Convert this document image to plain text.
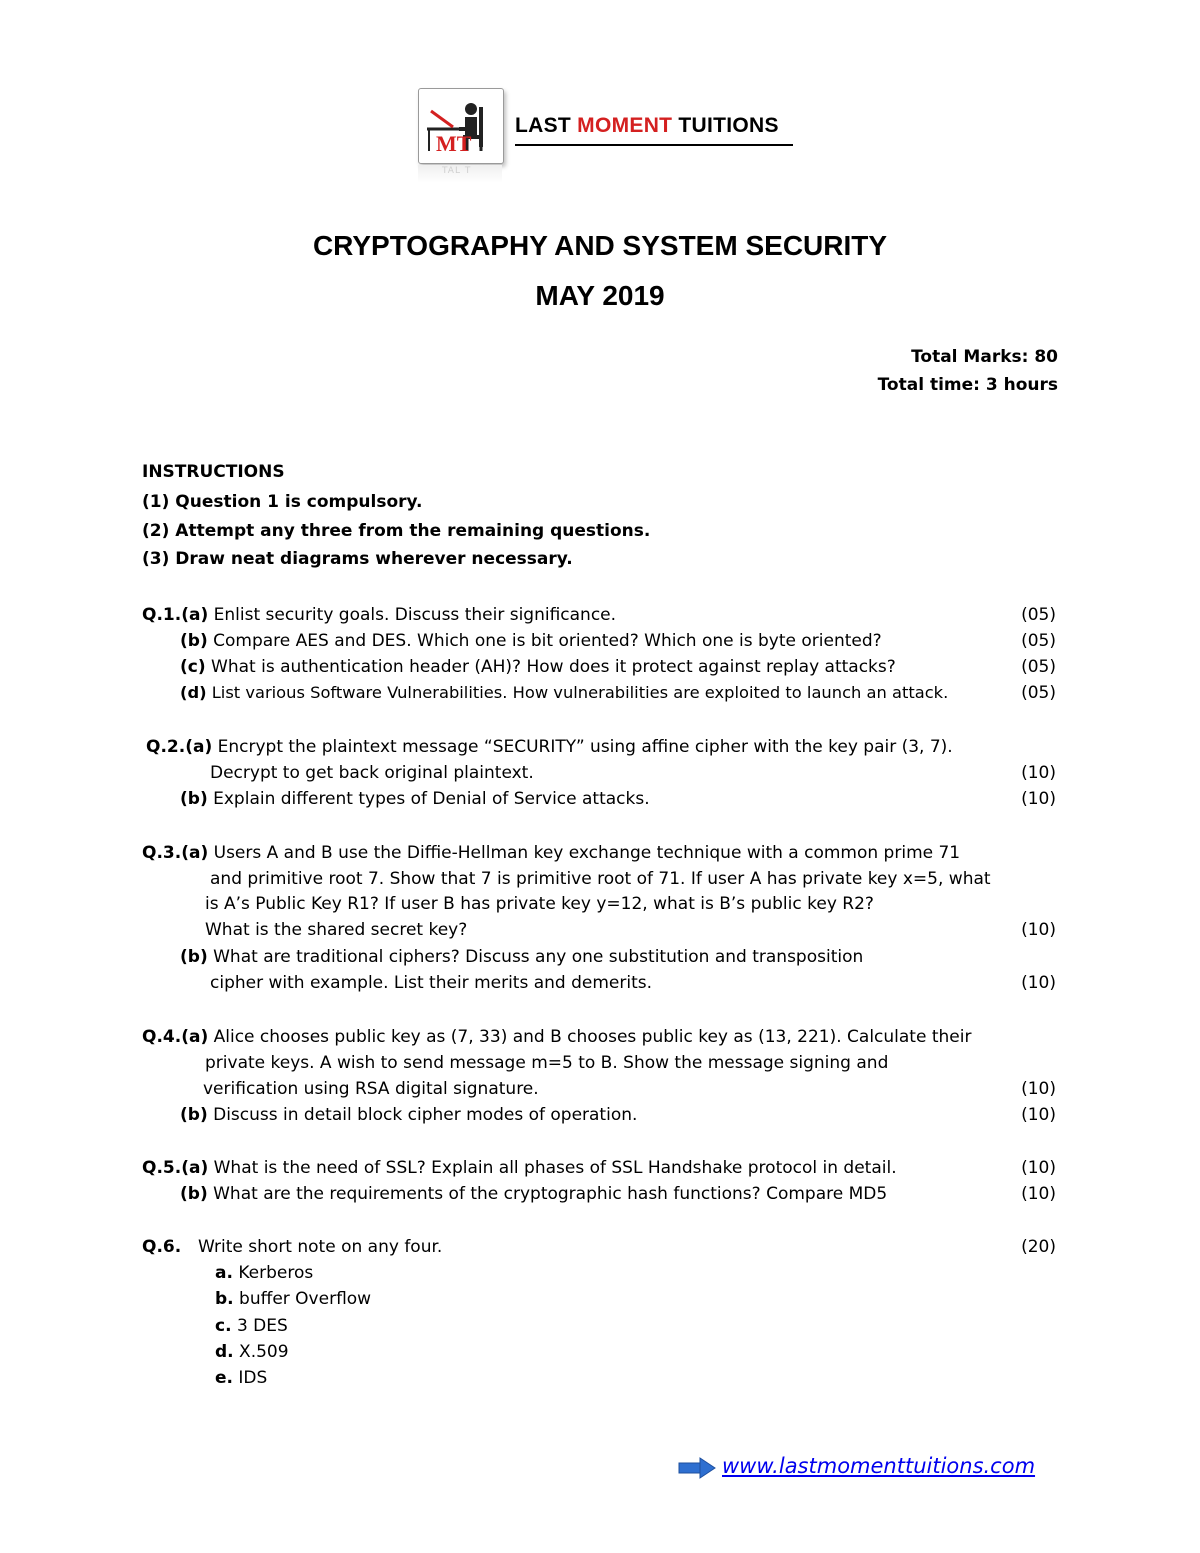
MT
TAL T
LAST MOMENT TUITIONS
CRYPTOGRAPHY AND SYSTEM SECURITY
MAY 2019
Total Marks: 80
Total time: 3 hours
INSTRUCTIONS
(1) Question 1 is compulsory.
(2) Attempt any three from the remaining questions.
(3) Draw neat diagrams wherever necessary.
Q.1.(a) Enlist security goals. Discuss their significance.	(05)
(b) Compare AES and DES. Which one is bit oriented? Which one is byte oriented?	(05)
(c) What is authentication header (AH)? How does it protect against replay attacks?	(05)
(d) List various Software Vulnerabilities. How vulnerabilities are exploited to launch an attack.	(05)
Q.2.(a) Encrypt the plaintext message “SECURITY” using affine cipher with the key pair (3, 7).
Decrypt to get back original plaintext.	(10)
(b) Explain different types of Denial of Service attacks.	(10)
Q.3.(a) Users A and B use the Diffie-Hellman key exchange technique with a common prime 71
and primitive root 7. Show that 7 is primitive root of 71. If user A has private key x=5, what
is A’s Public Key R1? If user B has private key y=12, what is B’s public key R2?
What is the shared secret key?	(10)
(b) What are traditional ciphers? Discuss any one substitution and transposition
cipher with example. List their merits and demerits.	(10)
Q.4.(a) Alice chooses public key as (7, 33) and B chooses public key as (13, 221). Calculate their
private keys. A wish to send message m=5 to B. Show the message signing and
verification using RSA digital signature.	(10)
(b) Discuss in detail block cipher modes of operation.	(10)
Q.5.(a) What is the need of SSL? Explain all phases of SSL Handshake protocol in detail.	(10)
(b) What are the requirements of the cryptographic hash functions? Compare MD5	(10)
Q.6. Write short note on any four.	(20)
a. Kerberos
b. buffer Overflow
c. 3 DES
d. X.509
e. IDS
www.lastmomenttuitions.com
